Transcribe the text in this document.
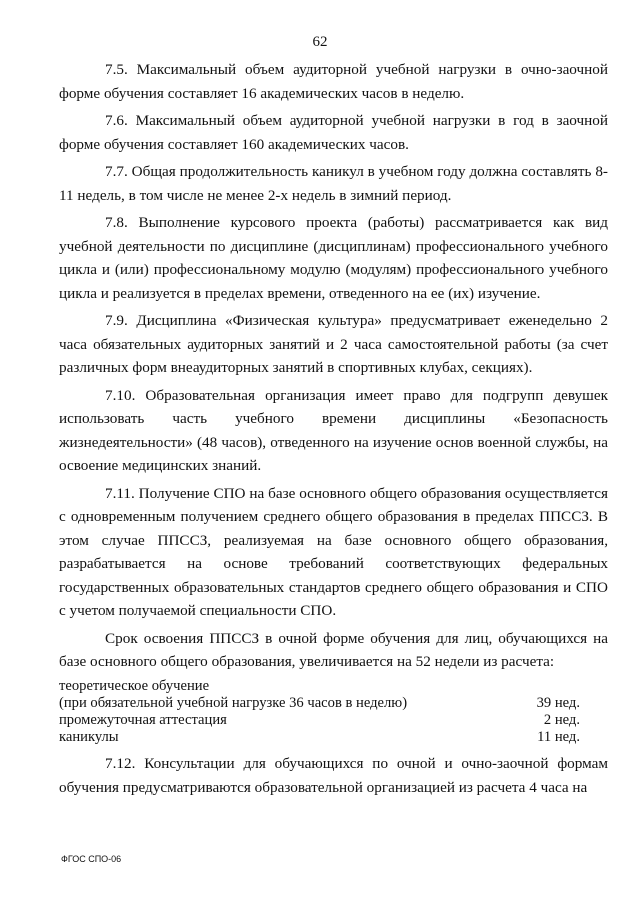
62

7.5. Максимальный объем аудиторной учебной нагрузки в очно-заочной форме обучения составляет 16 академических часов в неделю.

7.6. Максимальный объем аудиторной учебной нагрузки в год в заочной форме обучения составляет 160 академических часов.

7.7. Общая продолжительность каникул в учебном году должна составлять 8-11 недель, в том числе не менее 2-х недель в зимний период.

7.8. Выполнение курсового проекта (работы) рассматривается как вид учебной деятельности по дисциплине (дисциплинам) профессионального учебного цикла и (или) профессиональному модулю (модулям) профессионального учебного цикла и реализуется в пределах времени, отведенного на ее (их) изучение.

7.9. Дисциплина «Физическая культура» предусматривает еженедельно 2 часа обязательных аудиторных занятий и 2 часа самостоятельной работы (за счет различных форм внеаудиторных занятий в спортивных клубах, секциях).

7.10. Образовательная организация имеет право для подгрупп девушек использовать часть учебного времени дисциплины «Безопасность жизнедеятельности» (48 часов), отведенного на изучение основ военной службы, на освоение медицинских знаний.

7.11. Получение СПО на базе основного общего образования осуществляется с одновременным получением среднего общего образования в пределах ППССЗ. В этом случае ППССЗ, реализуемая на базе основного общего образования, разрабатывается на основе требований соответствующих федеральных государственных образовательных стандартов среднего общего образования и СПО с учетом получаемой специальности СПО.

Срок освоения ППССЗ в очной форме обучения для лиц, обучающихся на базе основного общего образования, увеличивается на 52 недели из расчета:

теоретическое обучение
(при обязательной учебной нагрузке 36 часов в неделю)	39 нед.
промежуточная аттестация	2 нед.
каникулы	11 нед.

7.12. Консультации для обучающихся по очной и очно-заочной формам обучения предусматриваются образовательной организацией из расчета 4 часа на

ФГОС СПО-06
